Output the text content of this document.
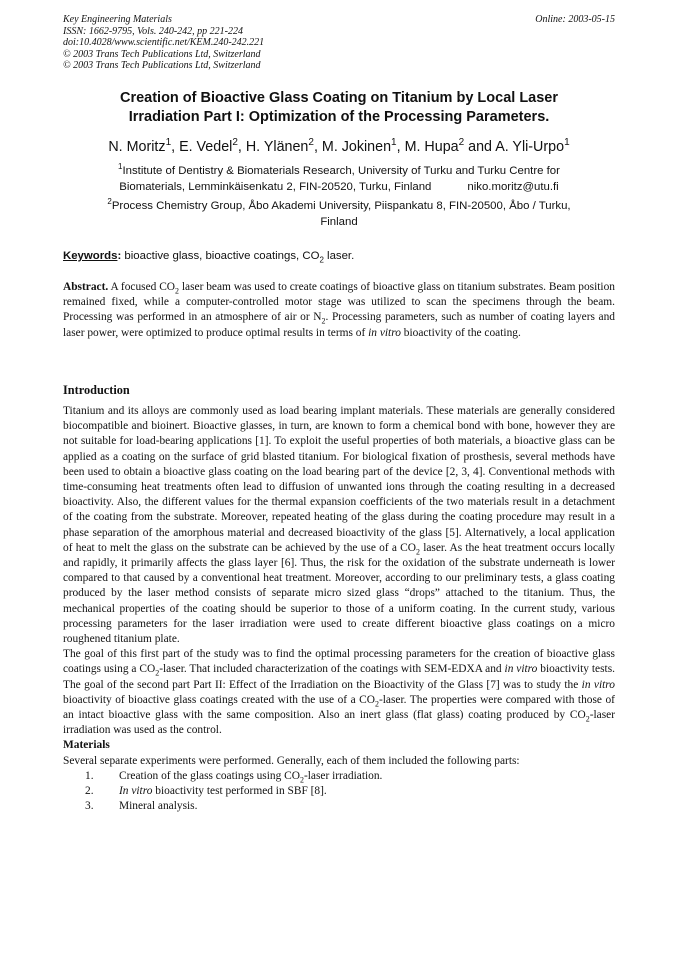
Key Engineering Materials
ISSN: 1662-9795, Vols. 240-242, pp 221-224
doi:10.4028/www.scientific.net/KEM.240-242.221
© 2003 Trans Tech Publications Ltd, Switzerland
© 2003 Trans Tech Publications Ltd, Switzerland
Online: 2003-05-15
Creation of Bioactive Glass Coating on Titanium by Local Laser
Irradiation Part I: Optimization of the Processing Parameters.
N. Moritz$^1$, E. Vedel$^2$, H. Ylänen$^2$, M. Jokinen$^1$, M. Hupa$^2$ and A. Yli-Urpo$^1$
$^1$Institute of Dentistry & Biomaterials Research, University of Turku and Turku Centre for
Biomaterials, Lemminkäisenkatu 2, FIN-20520, Turku, Finland	niko.moritz@utu.fi
$^2$Process Chemistry Group, Åbo Akademi University, Piispankatu 8, FIN-20500, Åbo / Turku,
Finland
Keywords: bioactive glass, bioactive coatings, $CO_2$ laser.
Abstract. A focused $CO_2$ laser beam was used to create coatings of bioactive glass on titanium substrates. Beam position remained fixed, while a computer-controlled motor stage was utilized to scan the specimens through the beam. Processing was performed in an atmosphere of air or $N_2$. Processing parameters, such as number of coating layers and laser power, were optimized to produce optimal results in terms of in vitro bioactivity of the coating.
Introduction

Titanium and its alloys are commonly used as load bearing implant materials. These materials are generally considered biocompatible and bioinert. Bioactive glasses, in turn, are known to form a chemical bond with bone, however they are not suitable for load-bearing applications [1]. To exploit the useful properties of both materials, a bioactive glass can be applied as a coating on the surface of grid blasted titanium. For biological fixation of prosthesis, several methods have been used to obtain a bioactive glass coating on the load bearing part of the device [2, 3, 4]. Conventional methods with time-consuming heat treatments often lead to diffusion of unwanted ions through the coating resulting in a decreased bioactivity. Also, the different values for the thermal expansion coefficients of the two materials result in a detachment of the coating from the substrate. Moreover, repeated heating of the glass during the coating procedure may result in a phase separation of the amorphous material and decreased bioactivity of the glass [5]. Alternatively, a local application of heat to melt the glass on the substrate can be achieved by the use of a $CO_2$ laser. As the heat treatment occurs locally and rapidly, it primarily affects the glass layer [6]. Thus, the risk for the oxidation of the substrate underneath is lower compared to that caused by a conventional heat treatment. Moreover, according to our preliminary tests, a glass coating produced by the laser method consists of separate micro sized glass “drops” attached to the titanium. Thus, the mechanical properties of the coating should be superior to those of a uniform coating. In the current study, various processing parameters for the laser irradiation were used to create different bioactive glass coatings on a micro roughened titanium plate.

The goal of this first part of the study was to find the optimal processing parameters for the creation of bioactive glass coatings using a $CO_2$-laser. That included characterization of the coatings with SEM-EDXA and in vitro bioactivity tests. The goal of the second part Part II: Effect of the Irradiation on the Bioactivity of the Glass [7] was to study the in vitro bioactivity of bioactive glass coatings created with the use of a $CO_2$-laser. The properties were compared with those of an intact bioactive glass with the same composition. Also an inert glass (flat glass) coating produced by $CO_2$-laser irradiation was used as the control.

Materials

Several separate experiments were performed. Generally, each of them included the following parts:

1.	Creation of the glass coatings using $CO_2$-laser irradiation.
2.	In vitro bioactivity test performed in SBF [8].
3.	Mineral analysis.
